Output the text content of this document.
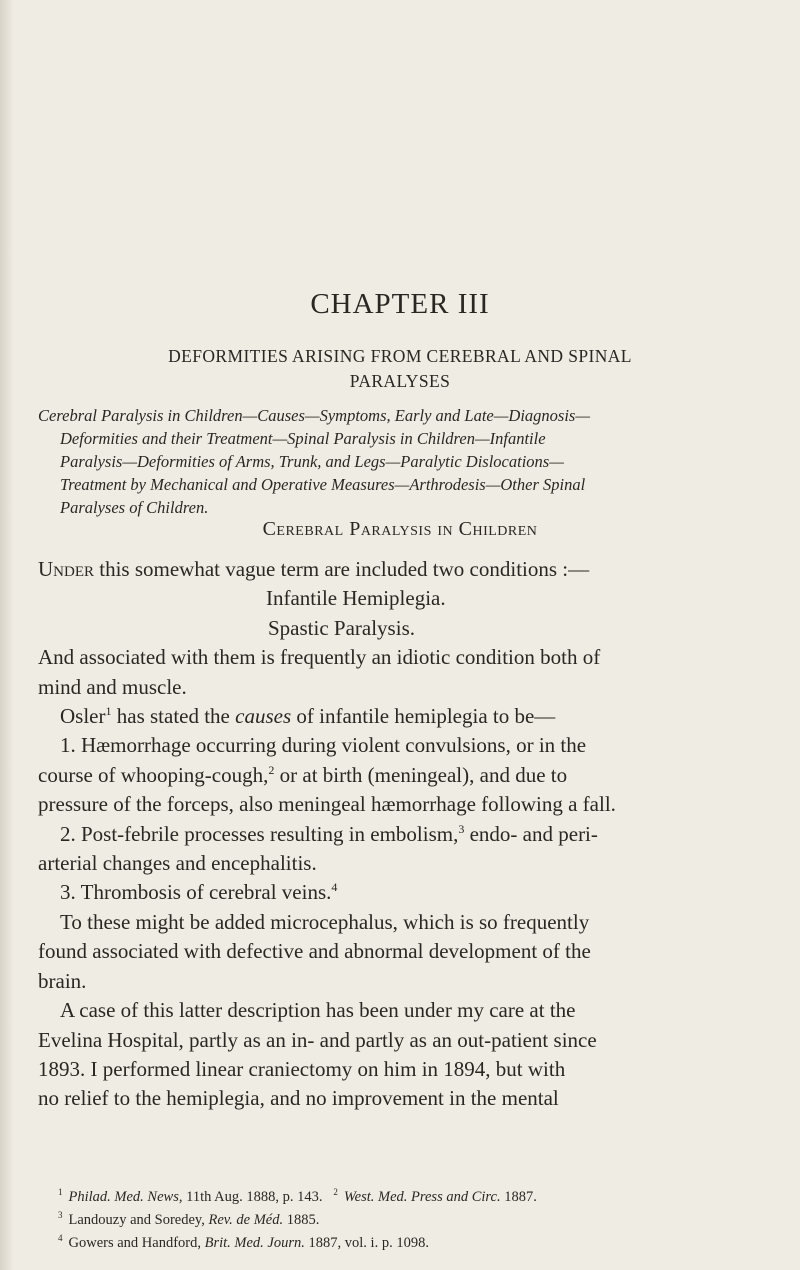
CHAPTER III
DEFORMITIES ARISING FROM CEREBRAL AND SPINAL
PARALYSES
Cerebral Paralysis in Children—Causes—Symptoms, Early and Late—Diagnosis—
Deformities and their Treatment—Spinal Paralysis in Children—Infantile
Paralysis—Deformities of Arms, Trunk, and Legs—Paralytic Dislocations—
Treatment by Mechanical and Operative Measures—Arthrodesis—Other Spinal
Paralyses of Children.
Cerebral Paralysis in Children
Under this somewhat vague term are included two conditions :—
Infantile Hemiplegia.
Spastic Paralysis.
And associated with them is frequently an idiotic condition both of
mind and muscle.
Osler$^1$ has stated the causes of infantile hemiplegia to be—
1. Hæmorrhage occurring during violent convulsions, or in the
course of whooping-cough,$^2$ or at birth (meningeal), and due to
pressure of the forceps, also meningeal hæmorrhage following a fall.
2. Post-febrile processes resulting in embolism,$^3$ endo- and peri-
arterial changes and encephalitis.
3. Thrombosis of cerebral veins.$^4$
To these might be added microcephalus, which is so frequently
found associated with defective and abnormal development of the
brain.
A case of this latter description has been under my care at the
Evelina Hospital, partly as an in- and partly as an out-patient since
1893. I performed linear craniectomy on him in 1894, but with
no relief to the hemiplegia, and no improvement in the mental
$^1$ Philad. Med. News, 11th Aug. 1888, p. 143. $^2$ West. Med. Press and Circ. 1887.
$^3$ Landouzy and Soredey, Rev. de Méd. 1885.
$^4$ Gowers and Handford, Brit. Med. Journ. 1887, vol. i. p. 1098.
